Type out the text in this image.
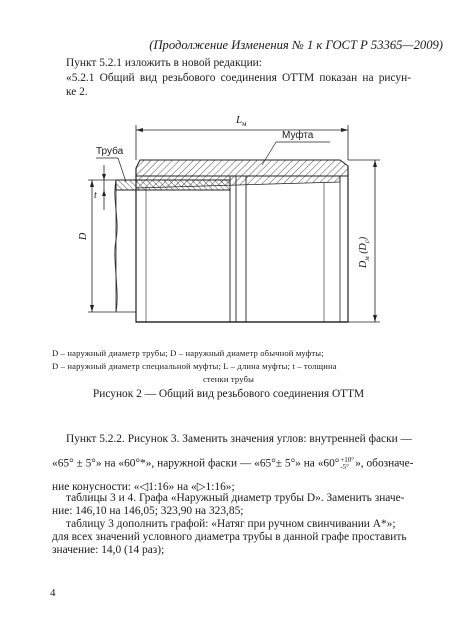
(Продолжение Изменения № 1 к ГОСТ Р 53365—2009)
Пункт 5.2.1 изложить в новой редакции:
«5.2.1 Общий вид резьбового соединения ОТТМ показан на рисун-
ке 2.
$L_м$
Муфта
Труба
t
D
$D_м$ $(D_с)$
D – наружный диаметр трубы; D – наружный диаметр обычной муфты;
D – наружный диаметр специальной муфты; L – длина муфты; t – толщина
стенки трубы
Рисунок 2 — Общий вид резьбового соединения ОТТМ
Пункт 5.2.2. Рисунок 3. Заменить значения углов: внутренней фаски —
«65° ± 5°» на «60°*», наружной фаски — «65°± 5°» на «60° +10°
-5° », обозначе-
ние конусности: «◁1:16» на «▷1:16»;
таблицы 3 и 4. Графа «Наружный диаметр трубы D». Заменить значе-
ние: 146,10 на 146,05; 323,90 на 323,85;
таблицу 3 дополнить графой: «Натяг при ручном свинчивании А*»;
для всех значений условного диаметра трубы в данной графе проставить
значение: 14,0 (14 раз);
4
